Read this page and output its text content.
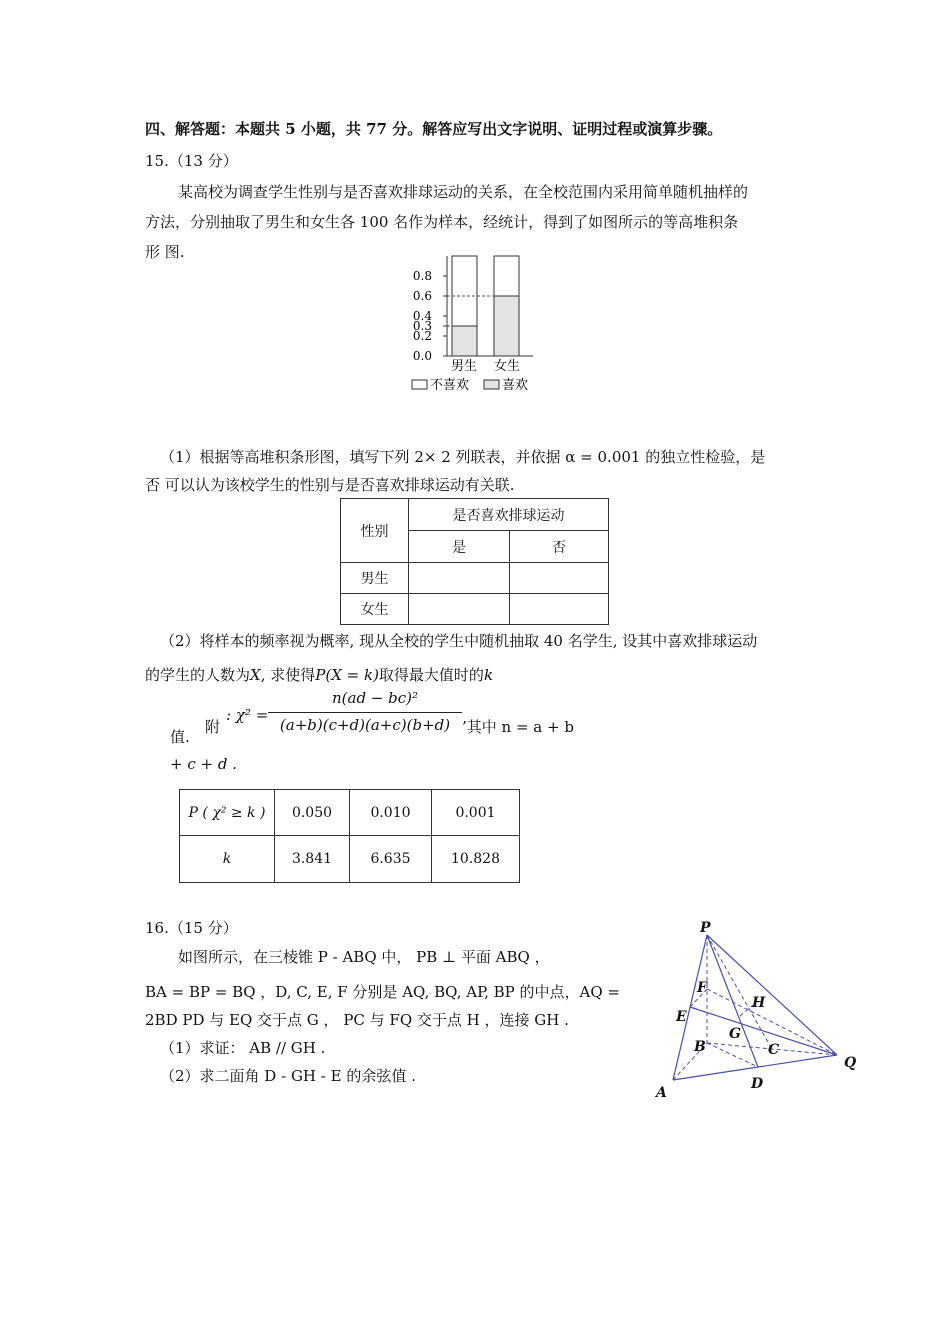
四、解答题：本题共 5 小题，共 77 分。解答应写出文字说明、证明过程或演算步骤。
15.（13 分）
某高校为调查学生性别与是否喜欢排球运动的关系，在全校范围内采用简单随机抽样的
方法，分别抽取了男生和女生各 100 名作为样本，经统计，得到了如图所示的等高堆积条
形 图.
0.0
0.2
0.3
0.4
0.6
0.8
男生 女生
不喜欢	喜欢
（1）根据等高堆积条形图，填写下列 2× 2 列联表，并依据 α = 0.001 的独立性检验，是
否 可以认为该校学生的性别与是否喜欢排球运动有关联.
性别	是否喜欢排球运动	
	是	否
男生		
女生		
（2）将样本的频率视为概率, 现从全校的学生中随机抽取 40 名学生, 设其中喜欢排球运动
的学生的人数为X, 求使得P(X = k)取得最大值时的k
值.
附
: χ² =
n(ad − bc)²
(a+b)(c+d)(a+c)(b+d) ’其中 n = a + b
+ c + d .
P ( χ² ≥ k )	0.050	0.010	0.001
k	3.841	6.635	10.828
16.（15 分）
如图所示，在三棱锥 P - ABQ 中， PB ⊥ 平面 ABQ ，
BA = BP = BQ ，D, C, E, F 分别是 AQ, BQ, AP, BP 的中点，AQ =
2BD PD 与 EQ 交于点 G ， PC 与 FQ 交于点 H ，连接 GH .
（1）求证： AB // GH .
（2）求二面角 D - GH - E 的余弦值 .
P
F
H
E
G
B	C
Q
A
D
